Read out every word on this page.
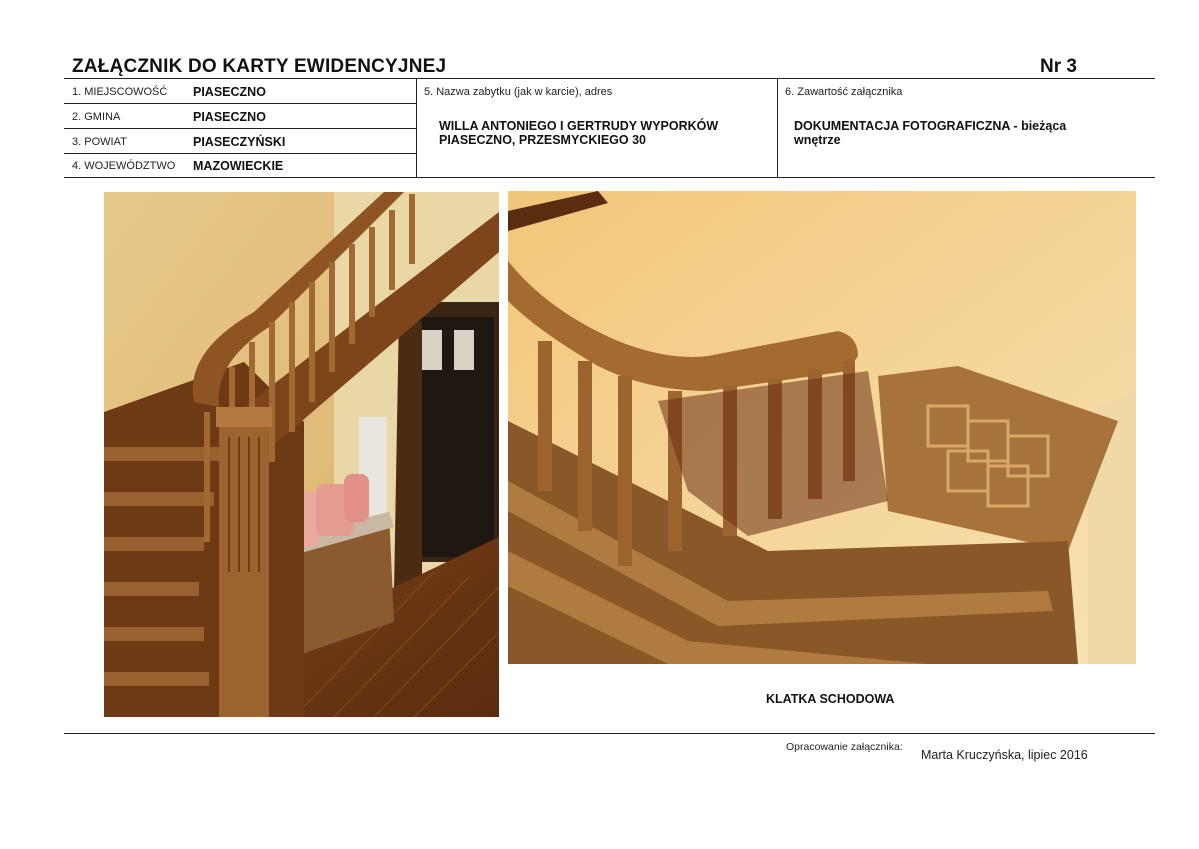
ZAŁĄCZNIK DO KARTY EWIDENCYJNEJ	Nr 3
1. MIEJSCOWOŚĆ PIASECZNO
2. GMINA	PIASECZNO
3. POWIAT	PIASECZYŃSKI
4. WOJEWÓDZTWO MAZOWIECKIE
5. Nazwa zabytku (jak w karcie), adres
WILLA ANTONIEGO I GERTRUDY WYPORKÓW
PIASECZNO, PRZESMYCKIEGO 30
6. Zawartość załącznika
DOKUMENTACJA FOTOGRAFICZNA - bieżąca
wnętrze
KLATKA SCHODOWA
Opracowanie załącznika:
Marta Kruczyńska, lipiec 2016
